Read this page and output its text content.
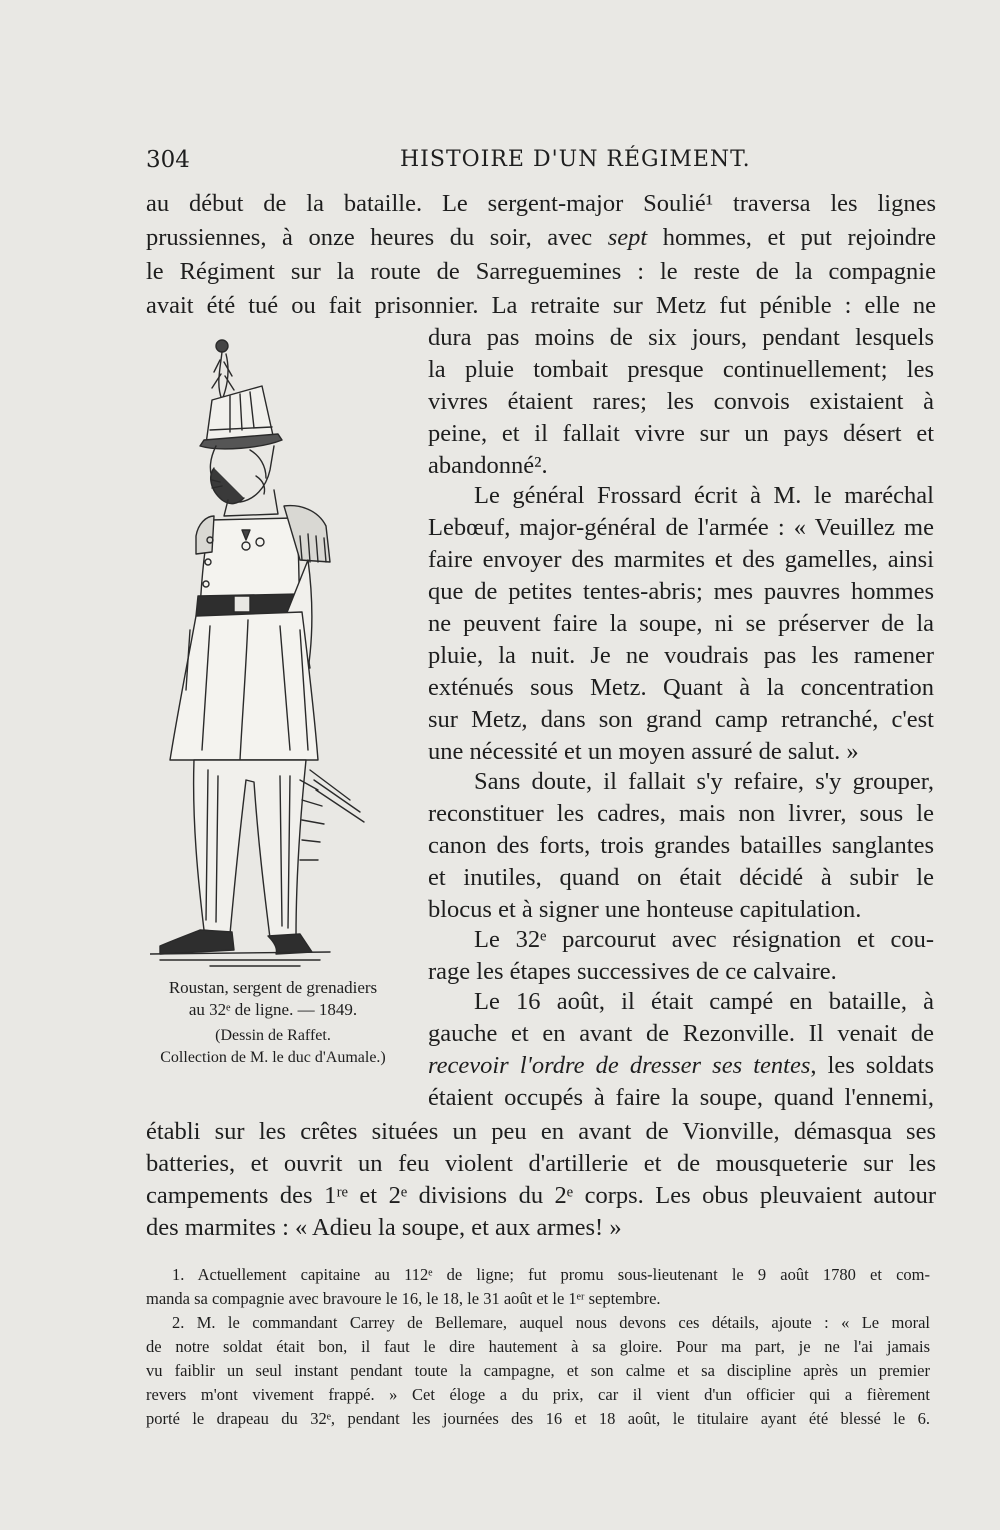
304	HISTOIRE D'UN RÉGIMENT.
au début de la bataille. Le sergent-major Soulié¹ traversa les lignes
prussiennes, à onze heures du soir, avec sept hommes, et put rejoindre
le Régiment sur la route de Sarreguemines : le reste de la compagnie
avait été tué ou fait prisonnier. La retraite sur Metz fut pénible : elle ne
dura pas moins de six jours, pendant lesquels
la pluie tombait presque continuellement; les
vivres étaient rares; les convois existaient à
peine, et il fallait vivre sur un pays désert et
abandonné².
Le général Frossard écrit à M. le maréchal
Lebœuf, major-général de l'armée : « Veuillez me
faire envoyer des marmites et des gamelles, ainsi
que de petites tentes-abris; mes pauvres hommes
ne peuvent faire la soupe, ni se préserver de la
pluie, la nuit. Je ne voudrais pas les ramener
exténués sous Metz. Quant à la concentration
sur Metz, dans son grand camp retranché, c'est
une nécessité et un moyen assuré de salut. »
Sans doute, il fallait s'y refaire, s'y grouper,
reconstituer les cadres, mais non livrer, sous le
canon des forts, trois grandes batailles sanglantes
et inutiles, quand on était décidé à subir le
blocus et à signer une honteuse capitulation.
Le 32ᵉ parcourut avec résignation et cou-
rage les étapes successives de ce calvaire.
Le 16 août, il était campé en bataille, à
gauche et en avant de Rezonville. Il venait de
recevoir l'ordre de dresser ses tentes, les soldats
étaient occupés à faire la soupe, quand l'ennemi,
établi sur les crêtes situées un peu en avant de Vionville, démasqua ses
batteries, et ouvrit un feu violent d'artillerie et de mousqueterie sur les
campements des 1ʳᵉ et 2ᵉ divisions du 2ᵉ corps. Les obus pleuvaient autour
des marmites : « Adieu la soupe, et aux armes! »
Roustan, sergent de grenadiers
au 32ᵉ de ligne. — 1849.
(Dessin de Raffet.
Collection de M. le duc d'Aumale.)
1. Actuellement capitaine au 112ᵉ de ligne; fut promu sous-lieutenant le 9 août 1780 et com-
manda sa compagnie avec bravoure le 16, le 18, le 31 août et le 1ᵉʳ septembre.
2. M. le commandant Carrey de Bellemare, auquel nous devons ces détails, ajoute : « Le moral
de notre soldat était bon, il faut le dire hautement à sa gloire. Pour ma part, je ne l'ai jamais
vu faiblir un seul instant pendant toute la campagne, et son calme et sa discipline après un premier
revers m'ont vivement frappé. » Cet éloge a du prix, car il vient d'un officier qui a fièrement
porté le drapeau du 32ᵉ, pendant les journées des 16 et 18 août, le titulaire ayant été blessé le 6.
